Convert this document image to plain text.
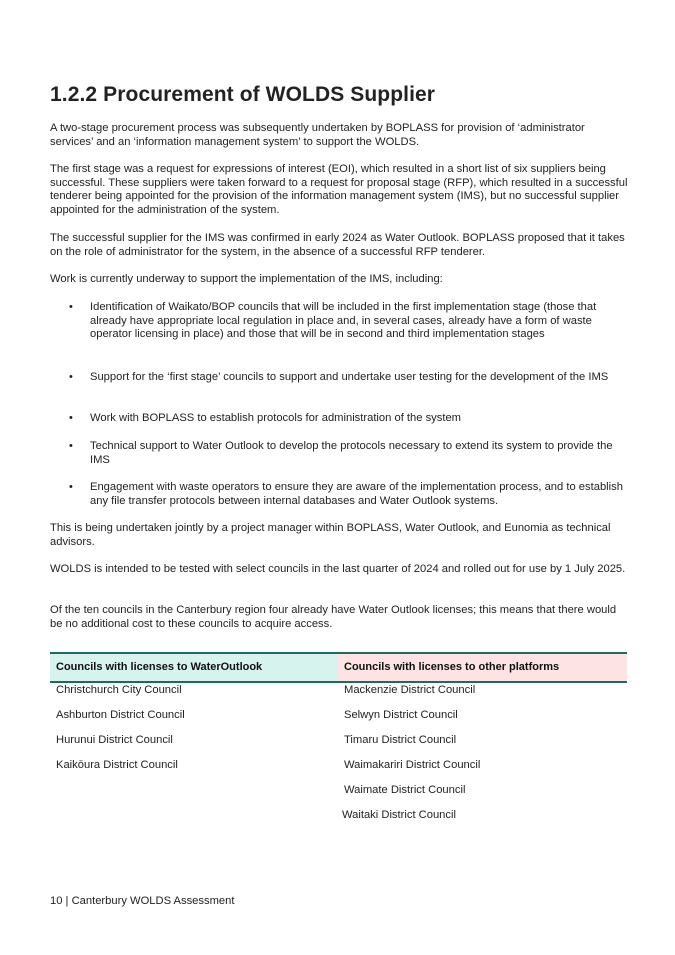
1.2.2 Procurement of WOLDS Supplier

A two-stage procurement process was subsequently undertaken by BOPLASS for provision of ‘administrator services’ and an ‘information management system’ to support the WOLDS.

The first stage was a request for expressions of interest (EOI), which resulted in a short list of six suppliers being successful. These suppliers were taken forward to a request for proposal stage (RFP), which resulted in a successful tenderer being appointed for the provision of the information management system (IMS), but no successful supplier appointed for the administration of the system.

The successful supplier for the IMS was confirmed in early 2024 as Water Outlook. BOPLASS proposed that it takes on the role of administrator for the system, in the absence of a successful RFP tenderer.

Work is currently underway to support the implementation of the IMS, including:

• Identification of Waikato/BOP councils that will be included in the first implementation stage (those that already have appropriate local regulation in place and, in several cases, already have a form of waste operator licensing in place) and those that will be in second and third implementation stages
• Support for the ‘first stage’ councils to support and undertake user testing for the development of the IMS
• Work with BOPLASS to establish protocols for administration of the system
• Technical support to Water Outlook to develop the protocols necessary to extend its system to provide the IMS
• Engagement with waste operators to ensure they are aware of the implementation process, and to establish any file transfer protocols between internal databases and Water Outlook systems.

This is being undertaken jointly by a project manager within BOPLASS, Water Outlook, and Eunomia as technical advisors.

WOLDS is intended to be tested with select councils in the last quarter of 2024 and rolled out for use by 1 July 2025.

Of the ten councils in the Canterbury region four already have Water Outlook licenses; this means that there would be no additional cost to these councils to acquire access.

Councils with licenses to WaterOutlook	Councils with licenses to other platforms
Christchurch City Council
Ashburton District Council
Hurunui District Council
Kaikōura District Council
Mackenzie District Council
Selwyn District Council
Timaru District Council
Waimakariri District Council
Waimate District Council
Waitaki District Council
10 | Canterbury WOLDS Assessment
